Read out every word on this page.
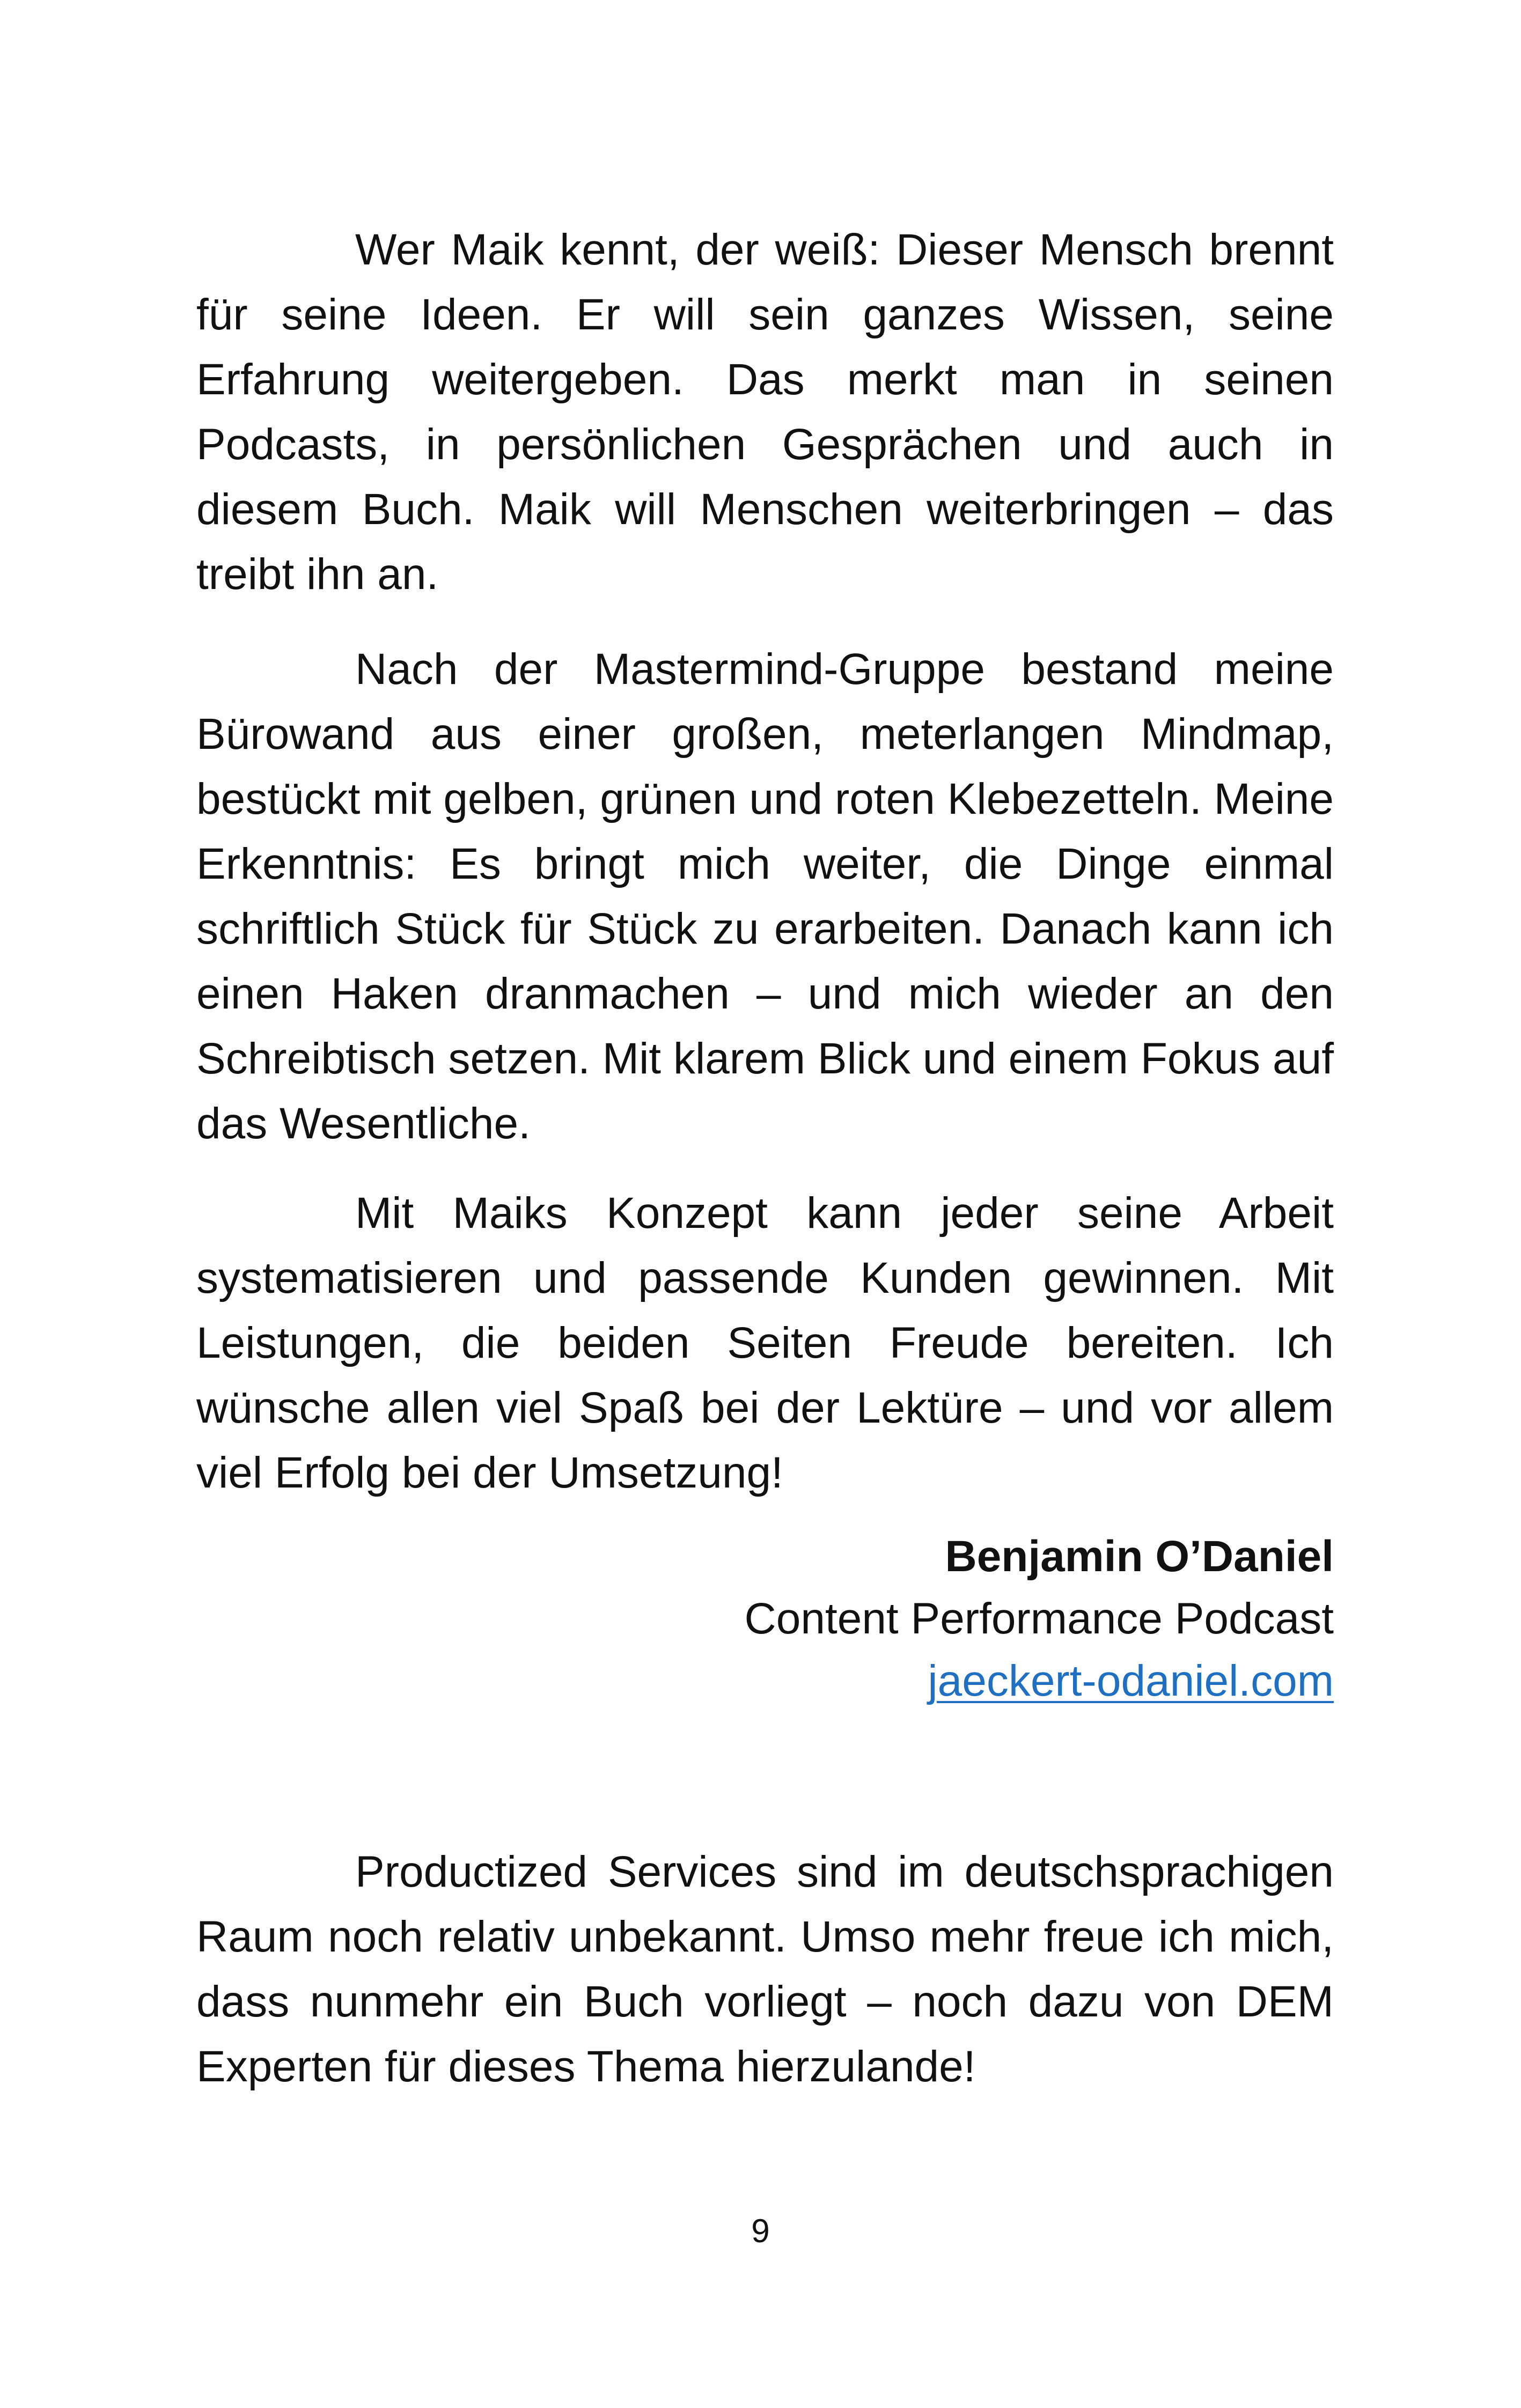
Wer Maik kennt, der weiß: Dieser Mensch brennt für seine Ideen. Er will sein ganzes Wissen, seine Erfahrung weitergeben. Das merkt man in seinen Podcasts, in persönlichen Gesprächen und auch in diesem Buch. Maik will Menschen weiterbringen – das treibt ihn an.

Nach der Mastermind-Gruppe bestand meine Bürowand aus einer großen, meterlangen Mindmap, bestückt mit gelben, grünen und roten Klebezetteln. Meine Erkenntnis: Es bringt mich weiter, die Dinge einmal schriftlich Stück für Stück zu erarbeiten. Danach kann ich einen Haken dranmachen – und mich wieder an den Schreibtisch setzen. Mit klarem Blick und einem Fokus auf das Wesentliche.

Mit Maiks Konzept kann jeder seine Arbeit systematisieren und passende Kunden gewinnen. Mit Leistungen, die beiden Seiten Freude bereiten. Ich wünsche allen viel Spaß bei der Lektüre – und vor allem viel Erfolg bei der Umsetzung!

Benjamin O’Daniel

Content Performance Podcast

jaeckert-odaniel.com

Productized Services sind im deutschsprachigen Raum noch relativ unbekannt. Umso mehr freue ich mich, dass nunmehr ein Buch vorliegt – noch dazu von DEM Experten für dieses Thema hierzulande!

9
